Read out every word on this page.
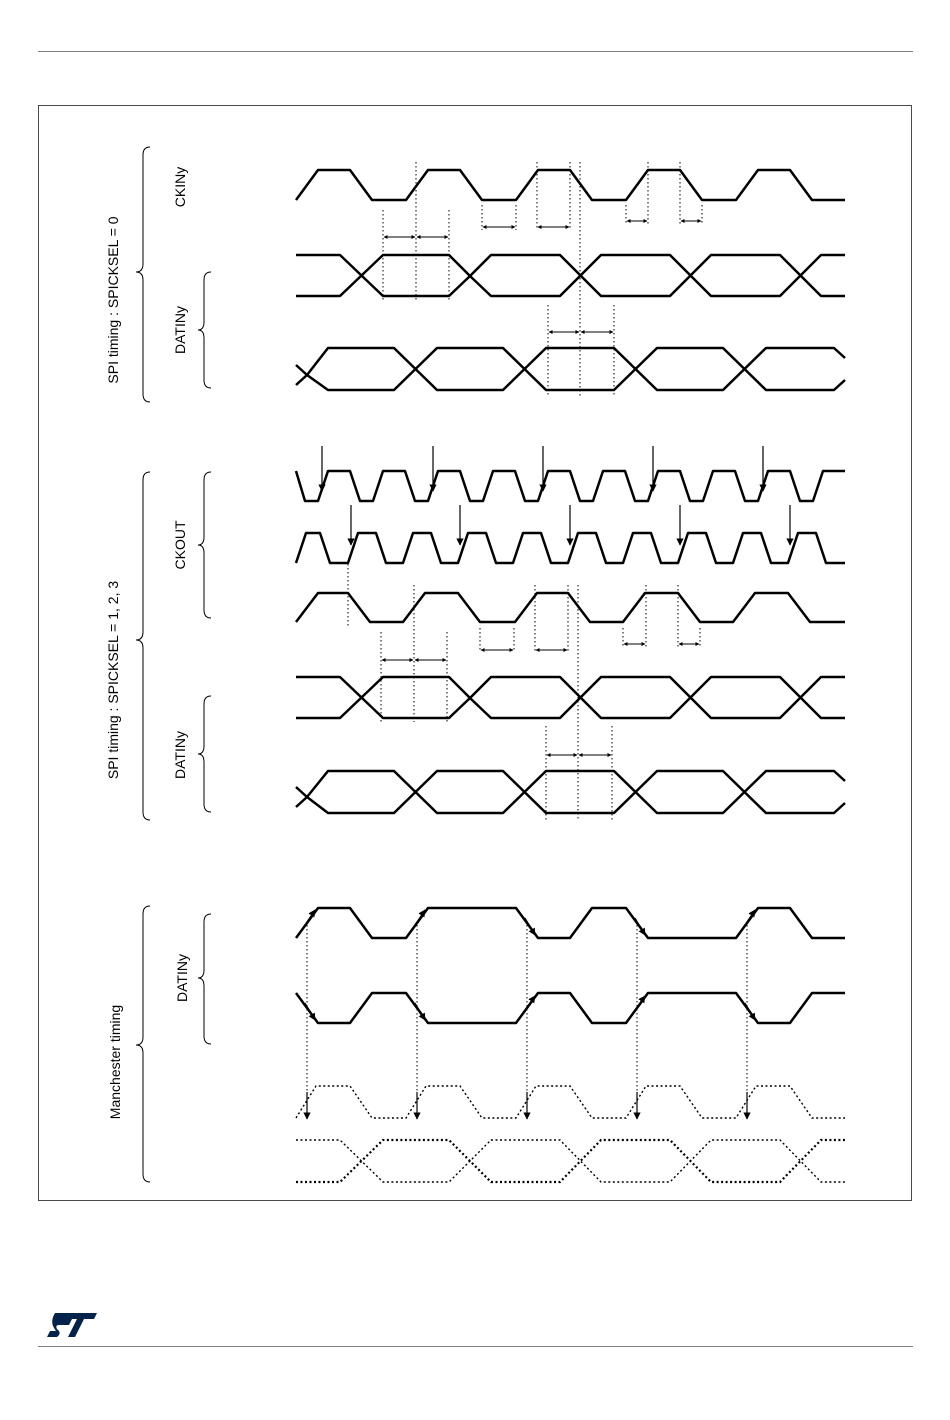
SPI timing : SPICKSEL = 0
SPI timing : SPICKSEL = 1, 2, 3
Manchester timing
CKINy
DATINy
CKOUT
DATINy
DATINy
